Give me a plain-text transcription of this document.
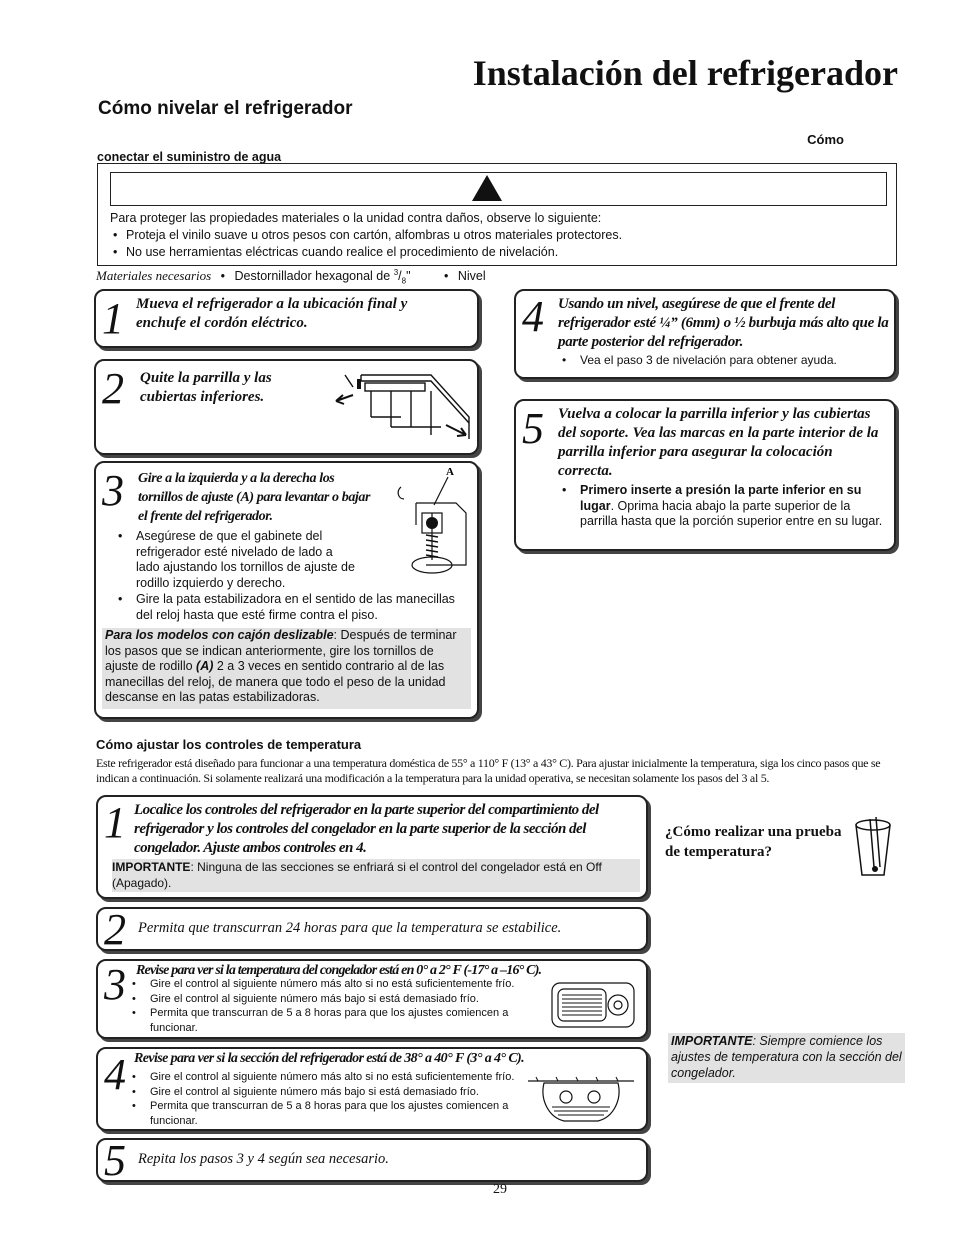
Instalación del refrigerador
Cómo nivelar el refrigerador
Cómo
conectar el suministro de agua
Para proteger las propiedades materiales o la unidad contra daños, observe lo siguiente:
• Proteja el vinilo suave u otros pesos con cartón, alfombras u otros materiales protectores.
• No use herramientas eléctricas cuando realice el procedimiento de nivelación.
Materiales necesarios • Destornillador hexagonal de $^3/_8$"	• Nivel
1 Mueva el refrigerador a la ubicación final y enchufe el cordón eléctrico.
2 Quite la parrilla y las cubiertas inferiores.
3 Gire a la izquierda y a la derecha los tornillos de ajuste (A) para levantar o bajar el frente del refrigerador.
A
• Asegúrese de que el gabinete del refrigerador esté nivelado de lado a lado ajustando los tornillos de ajuste de rodillo izquierdo y derecho.
• Gire la pata estabilizadora en el sentido de las manecillas del reloj hasta que esté firme contra el piso.
Para los modelos con cajón deslizable: Después de terminar los pasos que se indican anteriormente, gire los tornillos de ajuste de rodillo (A) 2 a 3 veces en sentido contrario al de las manecillas del reloj, de manera que todo el peso de la unidad descanse en las patas estabilizadoras.
4 Usando un nivel, asegúrese de que el frente del refrigerador esté ¼” (6mm) o ½ burbuja más alto que la parte posterior del refrigerador.
• Vea el paso 3 de nivelación para obtener ayuda.
5 Vuelva a colocar la parrilla inferior y las cubiertas del soporte. Vea las marcas en la parte interior de la parrilla inferior para asegurar la colocación correcta.
• Primero inserte a presión la parte inferior en su lugar. Oprima hacia abajo la parte superior de la parrilla hasta que la porción superior entre en su lugar.
Cómo ajustar los controles de temperatura
Este refrigerador está diseñado para funcionar a una temperatura doméstica de 55° a 110° F (13° a 43° C). Para ajustar inicialmente la temperatura, siga los cinco pasos que se indican a continuación. Si solamente realizará una modificación a la temperatura para la unidad operativa, se necesitan solamente los pasos del 3 al 5.
1 Localice los controles del refrigerador en la parte superior del compartimiento del refrigerador y los controles del congelador en la parte superior de la sección del congelador. Ajuste ambos controles en 4.
IMPORTANTE: Ninguna de las secciones se enfriará si el control del congelador está en Off (Apagado).
2 Permita que transcurran 24 horas para que la temperatura se estabilice.
3 Revise para ver si la temperatura del congelador está en 0° a 2° F (-17° a –16° C).
• Gire el control al siguiente número más alto si no está suficientemente frío.
• Gire el control al siguiente número más bajo si está demasiado frío.
• Permita que transcurran de 5 a 8 horas para que los ajustes comiencen a funcionar.
4 Revise para ver si la sección del refrigerador está de 38° a 40° F (3° a 4° C).
• Gire el control al siguiente número más alto si no está suficientemente frío.
• Gire el control al siguiente número más bajo si está demasiado frío.
• Permita que transcurran de 5 a 8 horas para que los ajustes comiencen a funcionar.
5 Repita los pasos 3 y 4 según sea necesario.
¿Cómo realizar una prueba de temperatura?
IMPORTANTE: Siempre comience los ajustes de temperatura con la sección del congelador.
29
